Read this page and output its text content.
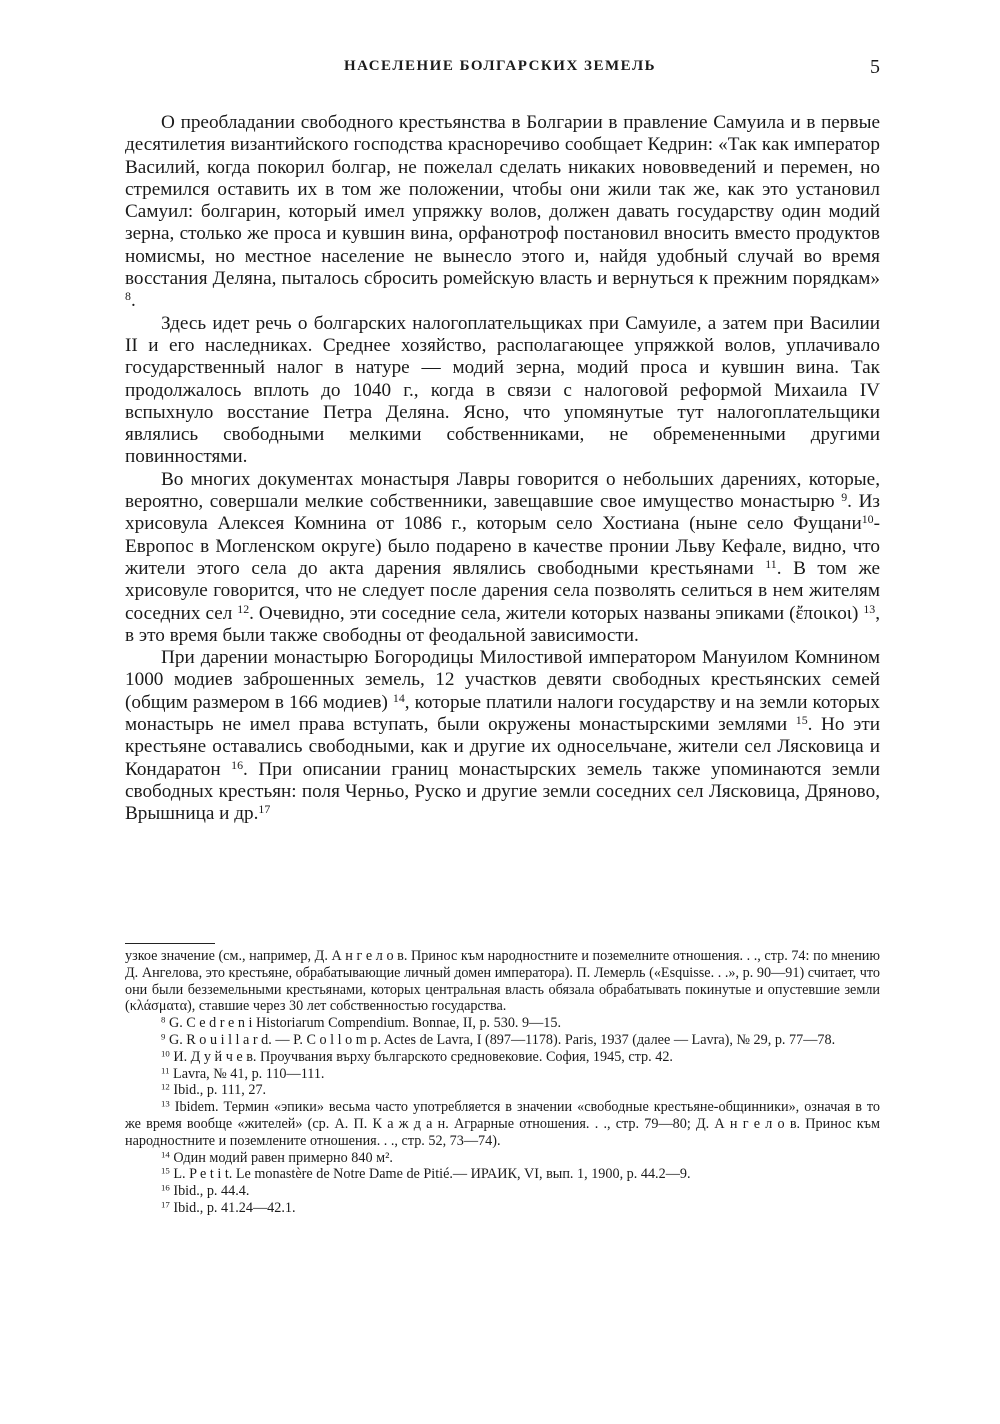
НАСЕЛЕНИЕ БОЛГАРСКИХ ЗЕМЕЛЬ	5

О преобладании свободного крестьянства в Болгарии в правление Самуила и в первые десятилетия византийского господства красноречиво сообщает Кедрин: «Так как император Василий, когда покорил болгар, не пожелал сделать никаких нововведений и перемен, но стремился оставить их в том же положении, чтобы они жили так же, как это установил Самуил: болгарин, который имел упряжку волов, должен давать государству один модий зерна, столько же проса и кувшин вина, орфанотроф постановил вносить вместо продуктов номисмы, но местное население не вынесло этого и, найдя удобный случай во время восстания Деляна, пыталось сбросить ромейскую власть и вернуться к прежним порядкам» $^8$.

Здесь идет речь о болгарских налогоплательщиках при Самуиле, а затем при Василии II и его наследниках. Среднее хозяйство, располагающее упряжкой волов, уплачивало государственный налог в натуре — модий зерна, модий проса и кувшин вина. Так продолжалось вплоть до 1040 г., когда в связи с налоговой реформой Михаила IV вспыхнуло восстание Петра Деляна. Ясно, что упомянутые тут налогоплательщики являлись свободными мелкими собственниками, не обремененными другими повинностями.

Во многих документах монастыря Лавры говорится о небольших дарениях, которые, вероятно, совершали мелкие собственники, завещавшие свое имущество монастырю $^9$. Из хрисовула Алексея Комнина от 1086 г., которым село Хостиана (ныне село Фущани$^{10}$-Европос в Могленском округе) было подарено в качестве пронии Льву Кефале, видно, что жители этого села до акта дарения являлись свободными крестьянами $^{11}$. В том же хрисовуле говорится, что не следует после дарения села позволять селиться в нем жителям соседних сел $^{12}$. Очевидно, эти соседние села, жители которых названы эпиками (ἔποικοι) $^{13}$, в это время были также свободны от феодальной зависимости.

При дарении монастырю Богородицы Милостивой императором Мануилом Комнином 1000 модиев заброшенных земель, 12 участков девяти свободных крестьянских семей (общим размером в 166 модиев) $^{14}$, которые платили налоги государству и на земли которых монастырь не имел права вступать, были окружены монастырскими землями $^{15}$. Но эти крестьяне оставались свободными, как и другие их односельчане, жители сел Лясковица и Кондаратон $^{16}$. При описании границ монастырских земель также упоминаются земли свободных крестьян: поля Черньо, Руско и другие земли соседних сел Лясковица, Дряново, Врышница и др.$^{17}$

узкое значение (см., например, Д. А н г е л о в. Принос към народностните и поземелните отношения. . ., стр. 74: по мнению Д. Ангелова, это крестьяне, обрабатывающие личный домен императора). П. Лемерль («Esquisse. . .», p. 90—91) считает, что они были безземельными крестьянами, которых центральная власть обязала обрабатывать покинутые и опустевшие земли (κλάσματα), ставшие через 30 лет собственностью государства.

$^8$ G. C e d r e n i Historiarum Compendium. Bonnae, II, p. 530. 9—15.

$^9$ G. R o u i l l a r d. — P. C o l l o m p. Actes de Lavra, I (897—1178). Paris, 1937 (далее — Lavra), № 29, p. 77—78.

$^{10}$ И. Д у й ч е в. Проучвания върху българското средновековие. София, 1945, стр. 42.

$^{11}$ Lavra, № 41, p. 110—111.

$^{12}$ Ibid., p. 111, 27.

$^{13}$ Ibidem. Термин «эпики» весьма часто употребляется в значении «свободные крестьяне-общинники», означая в то же время вообще «жителей» (ср. А. П. К а ж д а н. Аграрные отношения. . ., стр. 79—80; Д. А н г е л о в. Принос към народностните и поземлените отношения. . ., стр. 52, 73—74).

$^{14}$ Один модий равен примерно 840 м².

$^{15}$ L. P e t i t. Le monastère de Notre Dame de Pitié.— ИРАИК, VI, вып. 1, 1900, p. 44.2—9.

$^{16}$ Ibid., p. 44.4.

$^{17}$ Ibid., p. 41.24—42.1.
